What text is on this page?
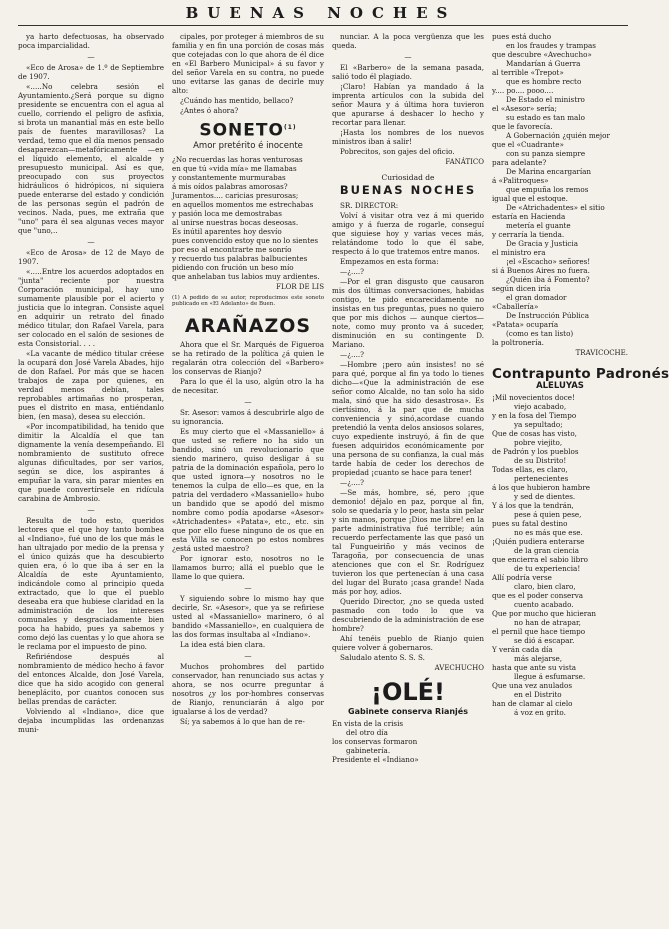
BUENAS NOCHES

ya harto defectuosas, ha observado poca imparcialidad.

—

«Eco de Arosa» de 1.º de Septiembre de 1907.

«.....No celebra sesión el Ayuntamiento.¿Será porque su digno presidente se encuentra con el agua al cuello, corriendo el peligro de asfixia, si brota un manantial más en este bello país de fuentes maravillosas? La verdad, temo que el día menos pensado desaparezcan—metafóricamente —en el líquido elemento, el alcalde y presupuesto municipal. Así es que, preocupado con sus proyectos hidráulicos ó hidrópicos, ni siquiera puede enterarse del estado y condición de las personas según el padrón de vecinos. Nada, pues, me extraña que "uno" para él sea algunas veces mayor que "uno,..

—

«Eco de Arosa» de 12 de Mayo de 1907.

«.....Entre los acuerdos adoptados en "junta" reciente por nuestra Corporación municipal, hay uno sumamente plausible por el acierto y justicia que lo integran. Consiste aquel en adquirir un retrato del finado médico titular, don Rafael Varela, para ser colocado en el salón de sesiones de esta Consistorial. . . .

«La vacante de médico titular créese la ocupará don José Varela Abades, hijo de don Rafael. Por más que se hacen trabajos de zapa por quienes, en verdad menos debían, tales reprobables artimañas no prosperan, pues el distrito en masa, entiéndanlo bien, (en masa), desea su elección.

«Por incompatibilidad, ha tenido que dimitir la Alcaldía el que tan dignamente la venía desempeñando. El nombramiento de sustituto ofrece algunas dificultades, por ser varios, según se dice, los aspirantes á empuñar la vara, sin parar mientes en que puede convertírsele en ridícula carabina de Ambrosio.

—

Resulta de todo esto, queridos lectores que el que hoy tanto bombea al «Indiano», fué uno de los que más le han ultrajado por medio de la prensa y el único quizás que ha descubierto quien era, ó lo que iba á ser en la Alcaldía de este Ayuntamiento, indicándole como al principio queda extractado, que lo que el pueblo deseaba era que hubiese claridad en la administración de los intereses comunales y desgraciadamente bien poca ha habido, pues ya sabemos y como dejó las cuentas y lo que ahora se le reclama por el impuesto de pino.

Refiriéndose después al nombramiento de médico hecho á favor del entonces Alcalde, don José Varela, dice que ha sido acogido con general beneplácito, por cuantos conocen sus bellas prendas de carácter.

Volviendo al «Indiano», dice que dejaba incumplidas las ordenanzas muni-

cipales, por proteger á miembros de su familia y en fin una porción de cosas más que cotejadas con lo que ahora de él dice en «El Barbero Municipal» á su favor y del señor Varela en su contra, no puede uno evitarse las ganas de decirle muy alto:

¿Cuándo has mentido, bellaco?

¿Antes ó ahora?

SONETO$^{(1)}$
Amor pretérito é inocente
¿No recuerdas las horas venturosas
en que tú «vida mía» me llamabas
y constantemente murmurabas
á mis oídos palabras amorosas?
Juramentos.... caricias presurosas;
en aquellos momentos me estrechabas
y pasión loca me demostrabas
al unirse nuestras bocas deseosas.
Es inútil aparentes hoy desvío
pues convencido estoy que no lo sientes
por eso al encontrarte me sonrío
y recuerdo tus palabras balbucientes
pidiendo con frución un beso mío
que anhelaban tus labios muy ardientes.
FLOR DE LIS
(1) A pedido de su autor, reproducimos este soneto publicado en «El Adelanto» de Buen.
ARAÑAZOS

Ahora que el Sr. Marqués de Figueroa se ha retirado de la política ¿á quien le regalarán otra colección del «Barbero» los conservas de Rianjo?

Para lo que él la uso, algún otro la ha de necesitar.

—

Sr. Asesor: vamos á descubrirle algo de su ignorancia.

Es muy cierto que el «Massaniello» á que usted se refiere no ha sido un bandido, sinó un revolucionario que siendo marinero, quiso desligar á su patria de la dominación española, pero lo que usted ignora—y nosotros no le tenemos la culpa de ello—es que, en la patria del verdadero «Massaniello» hubo un bandido que se apodó del mismo nombre como podía apodarse «Asesor» «Atrichadentes» «Patata», etc., etc. sin que por ello fuese ninguno de os que en esta Villa se conocen po estos nombres ¿está usted maestro?

Por ignorar esto, nosotros no le llamamos burro; allá el pueblo que le llame lo que quiera.

—

Y siguiendo sobre lo mismo hay que decirle, Sr. «Asesor», que ya se refiriese usted al «Massaniello» marinero, ó al bandido «Massaniello», en cualquiera de las dos formas insultaba al «Indiano».

La idea está bien clara.

—

Muchos prohombres del partido conservador, han renunciado sus actas y ahora, se nos ocurre preguntar á nosotros ¿y los por-hombres conservas de Rianjo, renunciarán á algo por igualarse á los de verdad?

Sí; ya sabemos á lo que han de re-

nunciar. A la poca vergüenza que les queda.

—

El «Barbero» de la semana pasada, salió todo él plagiado.

¡Claro! Habían ya mandado á la imprenta artículos con la subida del señor Maura y á última hora tuvieron que apurarse á deshacer lo hecho y recortar para llenar.

¡Hasta los nombres de los nuevos ministros iban á salir!

Pobrecitos, son gajes del oficio.

FANÁTICO
Curiosidad de
BUENAS NOCHES

SR. DIRECTOR:

Volví á visitar otra vez á mi querido amigo y á fuerza de rogarle, conseguí que siguiese hoy y varias veces más, relatándome todo lo que él sabe, respecto á lo que tratemos entre manos.

Empezamos en esta forma:

—¿....?

—Por el gran disgusto que causaron mis dos últimas conversaciones, habidas contigo, te pido encarecidamente no insistas en tus preguntas, pues no quiero que por mis dichos — aunque ciertos—note, como muy pronto va á suceder, disminución en su contingente D. Mariano.

—¿....?

—Hombre ¡pero aún insistes! no sé para qué, porque al fin ya todo lo tienes dicho—«Que la administración de ese señor como Alcalde, no tan solo ha sido mala, sinó que ha sido desastrosa». Es ciertísimo, á la par que de mucha conveniencia y sinó,acordase cuando pretendió la venta delos ansiosos solares, cuyo expediente instruyó, á fin de que fuesen adquiridos económicamente por una persona de su confianza, la cual más tarde había de ceder los derechos de propiedad ¡cuanto se hace para tener!

—¿....?

—Se más, hombre, sé, pero ¡que demonio! déjalo en paz, porque al fin, solo se quedaría y lo peor, hasta sin pelar y sin manos, porque ¡Dios me libre! en la parte administrativa fué terrible; aún recuerdo perfectamente las que pasó un tal Fungueiriño y más vecinos de Taragoña, por consecuencia de unas atenciones que con el Sr. Rodríguez tuvieron los que pertenecían á una casa del lugar del Burato ¡casa grande! Nada más por hoy, adios.

Querido Director, ¿no se queda usted pasmado con todo lo que va descubriendo de la administración de ese hombre?

Ahí tenéis pueblo de Rianjo quien quiere volver á gobernaros.

Saludalo atento S. S. S.

AVECHUCHO
¡OLÉ!
Gabinete conserva Rianjés
En vista de la crisis
del otro día
los conservas formaron
gabinetería.
Presidente el «Indiano»
pues está ducho
en los fraudes y trampas
que descubre «Avechucho»
Mandarían á Guerra
al terrible «Trepot»
que es hombre recto
y.... po.... pooo....
De Estado el ministro
el «Asesor» sería;
su estado es tan malo
que le favorecía.
A Gobernación ¿quién mejor
que el «Cuadrante»
con su panza siempre
para adelante?
De Marina encargarían
á «Palitroques»
que empuña los remos
igual que el estoque.
De «Atrichadentes» el sitio
estaría en Hacienda
metería el guante
y cerraría la tienda.
De Gracia y Justicia
el ministro era
¡el «Escacho» señores!
si á Buenos Aires no fuera.
¿Quién iba á Fomento?
según dicen iría
el gran domador
«Caballería»
De Instrucción Pública
«Patata» ocuparía
(como es tan listo)
la poltronería.
TRAVICOCHE.
Contrapunto Padronés
ALELUYAS
¡Mil novecientos doce!
viejo acabado,
y en la fosa del Tiempo
ya sepultado;
Que de cosas has visto,
pobre viejito,
de Padrón y los pueblos
de su Distrito!
Todas ellas, es claro,
pertenecientes
á los que hubieron hambre
y sed de dientes.
Y á los que la tendrán,
pese á quien pese,
pues su fatal destino
no es más que ese.
¡Quién pudiera enterarse
de la gran ciencia
que encierra el sabio libro
de tu experiencia!
Allí podría verse
claro, bien claro,
que es el poder conserva
cuento acabado.
Que por mucho que hicieran
no han de atrapar,
el pernil que hace tiempo
se dió á escapar.
Y verán cada día
más alejarse,
hasta que ante su vista
llegue á esfumarse.
Que una vez anulados
en el Distrito
han de clamar al cielo
á voz en grito.
